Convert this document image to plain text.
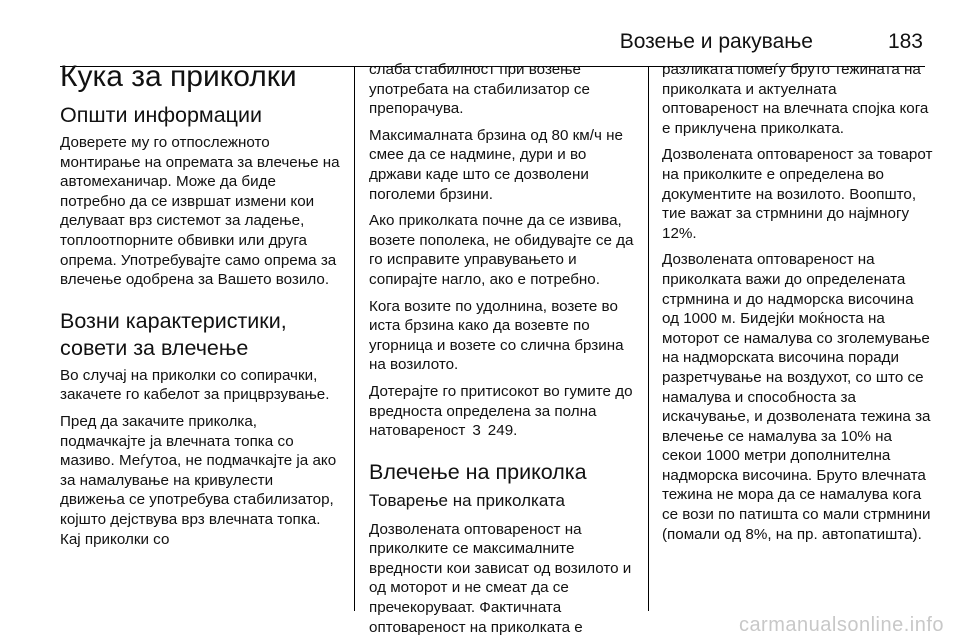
Возење и ракување	183
Кука за приколки
Општи информации

Доверете му го отпослежното монтирање на опремата за влечење на автомеханичар. Може да биде потребно да се извршат измени кои делуваат врз системот за ладење, топлоотпорните обвивки или друга опрема. Употребувајте само опрема за влечење одобрена за Вашето возило.

Возни карактеристики, совети за влечење

Во случај на приколки со сопирачки, закачете го кабелот за прицврзување.

Пред да закачите приколка, подмачкајте ја влечната топка со мазиво. Меѓутоа, не подмачкајте ја ако за намалување на кривулести движења се употребува стабилизатор, којшто дејствува врз влечната топка. Кај приколки со

слаба стабилност при возење употребата на стабилизатор се препорачува.

Максималната брзина од 80 км/ч не смее да се надмине, дури и во држави каде што се дозволени поголеми брзини.

Ако приколката почне да се извива, возете пополека, не обидувајте се да го исправите управувањето и сопирајте нагло, ако е потребно.

Кога возите по удолнина, возете во иста брзина како да возевте по угорница и возете со слична брзина на возилото.

Дотерајте го притисокот во гумите до вредноста определена за полна натовареност 3 249.

Влечење на приколка
Товарење на приколката

Дозволената оптовареност на приколките се максималните вредности кои зависат од возилото и од моторот и не смеат да се пречекоруваат. Фактичната оптовареност на приколката е

разликата помеѓу бруто тежината на приколката и актуелната оптовареност на влечната спојка кога е приклучена приколката.

Дозволената оптовареност за товарот на приколките е определена во документите на возилото. Воопшто, тие важат за стрмнини до најмногу 12%.

Дозволената оптовареност на приколката важи до определената стрмнина и до надморска височина од 1000 м. Бидејќи моќноста на моторот се намалува со зголемување на надморската височина поради разретчување на воздухот, со што се намалува и способноста за искачување, и дозволената тежина за влечење се намалува за 10% на секои 1000 метри дополнителна надморска височина. Бруто влечната тежина не мора да се намалува кога се вози по патишта со мали стрмнини (помали од 8%, на пр. автопатишта).

carmanualsonline.info
